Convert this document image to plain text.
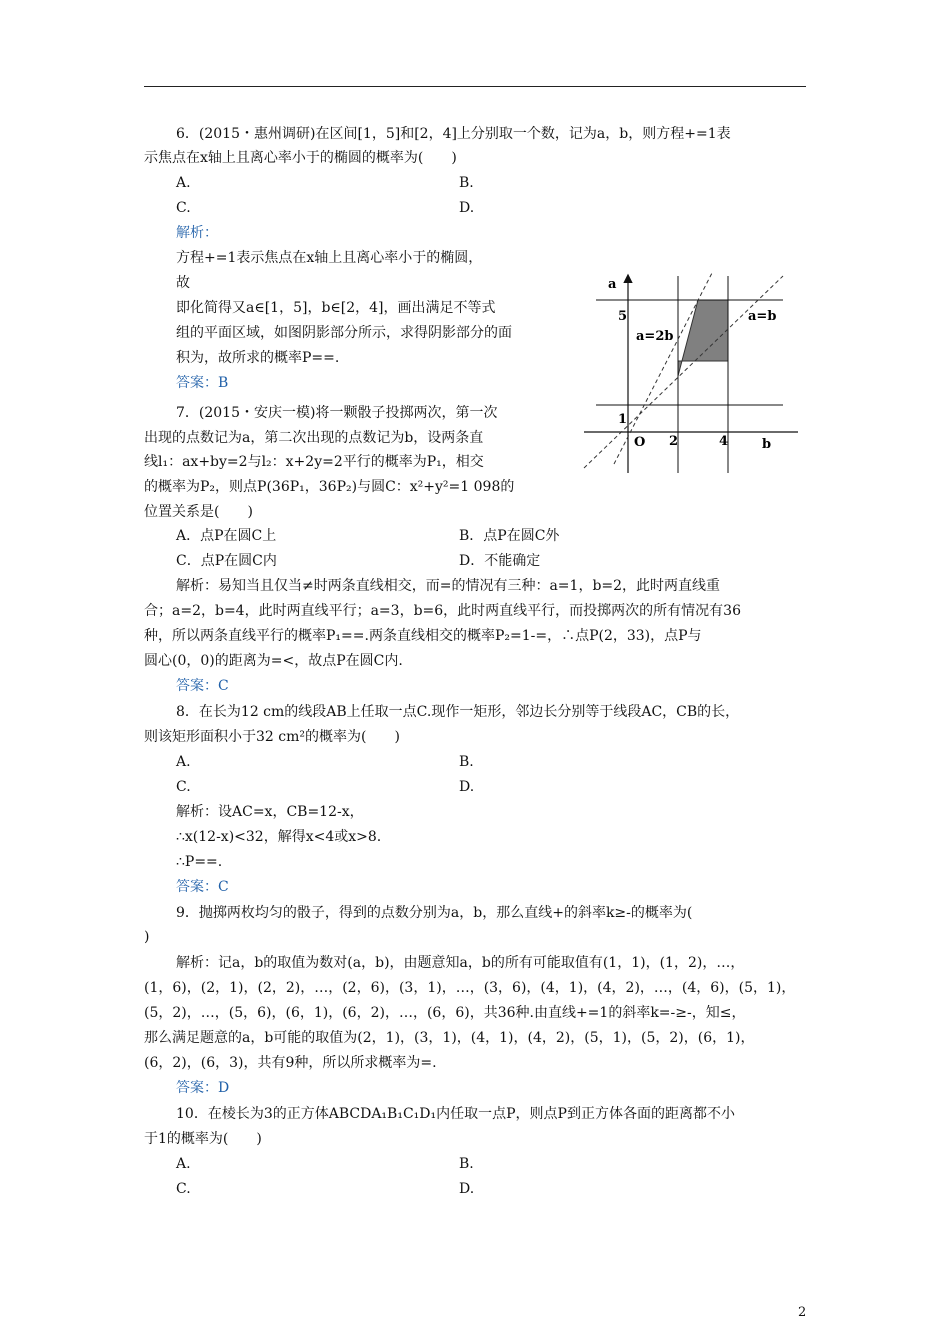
6．(2015・惠州调研)在区间[1，5]和[2，4]上分别取一个数，记为a，b，则方程+=1表
示焦点在x轴上且离心率小于的椭圆的概率为(　　)
A.	B.
C.	D.
解析：
方程+=1表示焦点在x轴上且离心率小于的椭圆，
故
即化简得又a∈[1，5]，b∈[2，4]，画出满足不等式
组的平面区域，如图阴影部分所示，求得阴影部分的面
积为，故所求的概率P==.
答案：B
a
b
O
5
1
2	4
a=2b
a=b
7．(2015・安庆一模)将一颗骰子投掷两次，第一次
出现的点数记为a，第二次出现的点数记为b，设两条直
线l₁：ax+by=2与l₂：x+2y=2平行的概率为P₁，相交
的概率为P₂，则点P(36P₁，36P₂)与圆C：x²+y²=1 098的
位置关系是(　　)
A．点P在圆C上	B．点P在圆C外
C．点P在圆C内	D．不能确定
解析：易知当且仅当≠时两条直线相交，而=的情况有三种：a=1，b=2，此时两直线重
合；a=2，b=4，此时两直线平行；a=3，b=6，此时两直线平行，而投掷两次的所有情况有36
种，所以两条直线平行的概率P₁==.两条直线相交的概率P₂=1-=，∴点P(2，33)，点P与
圆心(0，0)的距离为=<，故点P在圆C内.
答案：C
8．在长为12 cm的线段AB上任取一点C.现作一矩形，邻边长分别等于线段AC，CB的长，
则该矩形面积小于32 cm²的概率为(　　)
A.	B.
C.	D.
解析：设AC=x，CB=12-x，
∴x(12-x)<32，解得x<4或x>8.
∴P==.
答案：C
9．抛掷两枚均匀的骰子，得到的点数分别为a，b，那么直线+的斜率k≥-的概率为(
)
解析：记a，b的取值为数对(a，b)，由题意知a，b的所有可能取值有(1，1)，(1，2)，…，
(1，6)，(2，1)，(2，2)，…，(2，6)，(3，1)，…，(3，6)，(4，1)，(4，2)，…，(4，6)，(5，1)，
(5，2)，…，(5，6)，(6，1)，(6，2)，…，(6，6)，共36种.由直线+=1的斜率k=-≥-，知≤，
那么满足题意的a，b可能的取值为(2，1)，(3，1)，(4，1)，(4，2)，(5，1)，(5，2)，(6，1)，
(6，2)，(6，3)，共有9种，所以所求概率为=.
答案：D
10．在棱长为3的正方体ABCDA₁B₁C₁D₁内任取一点P，则点P到正方体各面的距离都不小
于1的概率为(　　)
A.	B.
C.	D.
2
